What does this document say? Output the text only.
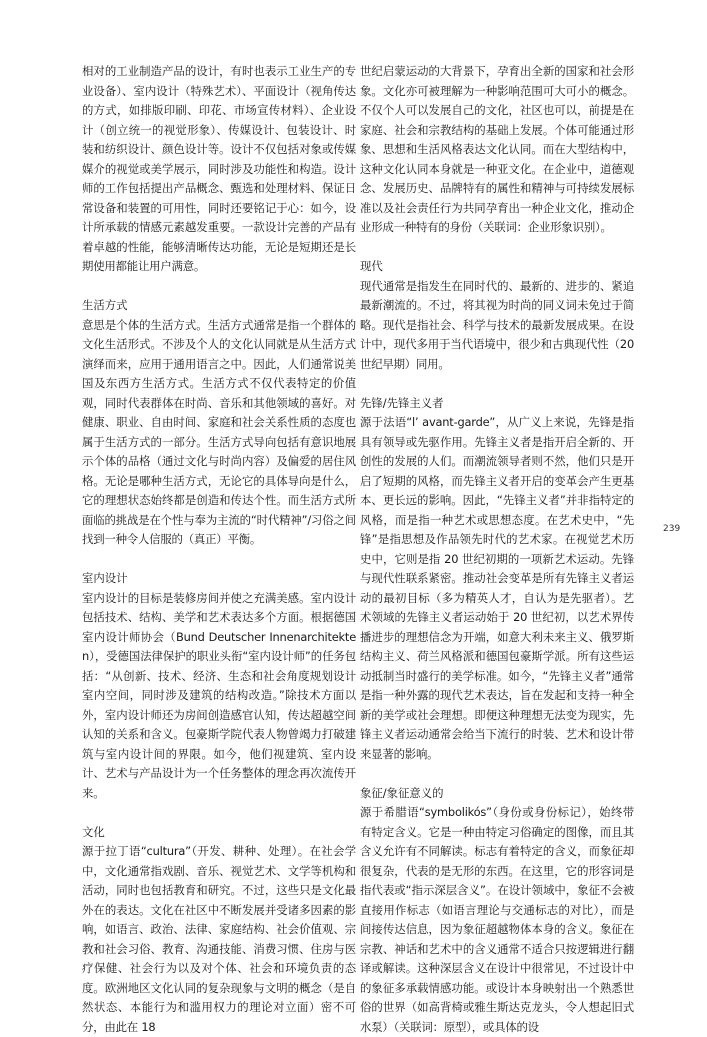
相对的工业制造产品的设计，有时也表示工业生产的专业设备）、室内设计（特殊艺术）、平面设计（视角传达的方式，如排版印刷、印花、市场宣传材料）、企业设计（创立统一的视觉形象）、传媒设计、包装设计、时装和纺织设计、颜色设计等。设计不仅包括对象或传媒媒介的视觉或美学展示，同时涉及功能性和构造。设计师的工作包括提出产品概念、甄选和处理材料、保证日常设备和装置的可用性，同时还要铭记于心：如今，设计所承载的情感元素越发重要。一款设计完善的产品有着卓越的性能，能够清晰传达功能，无论是短期还是长期使用都能让用户满意。

生活方式

意思是个体的生活方式。生活方式通常是指一个群体的文化生活形式。不涉及个人的文化认同就是从生活方式演绎而来，应用于通用语言之中。因此，人们通常说美国及东西方生活方式。生活方式不仅代表特定的价值观，同时代表群体在时尚、音乐和其他领域的喜好。对健康、职业、自由时间、家庭和社会关系性质的态度也属于生活方式的一部分。生活方式导向包括有意识地展示个体的品格（通过文化与时尚内容）及偏爱的居住风格。无论是哪种生活方式，无论它的具体导向是什么，它的理想状态始终都是创造和传达个性。而生活方式所面临的挑战是在个性与奉为主流的“时代精神”/习俗之间找到一种令人信服的（真正）平衡。

室内设计

室内设计的目标是装修房间并使之充满美感。室内设计包括技术、结构、美学和艺术表达多个方面。根据德国室内设计师协会（Bund Deutscher Innenarchitekten），受德国法律保护的职业头衔“室内设计师”的任务包括：“从创新、技术、经济、生态和社会角度规划设计室内空间，同时涉及建筑的结构改造。”除技术方面以外，室内设计师还为房间创造感官认知，传达超越空间认知的关系和含义。包豪斯学院代表人物曾竭力打破建筑与室内设计间的界限。如今，他们视建筑、室内设计、艺术与产品设计为一个任务整体的理念再次流传开来。

文化

源于拉丁语“cultura”（开发、耕种、处理）。在社会学中，文化通常指戏剧、音乐、视觉艺术、文学等机构和活动，同时也包括教育和研究。不过，这些只是文化最外在的表达。文化在社区中不断发展并受诸多因素的影响，如语言、政治、法律、家庭结构、社会价值观、宗教和社会习俗、教育、沟通技能、消费习惯、住房与医疗保健、社会行为以及对个体、社会和环境负责的态度。欧洲地区文化认同的复杂现象与文明的概念（是自然状态、本能行为和滥用权力的理论对立面）密不可分，由此在 18

世纪启蒙运动的大背景下，孕育出全新的国家和社会形象。文化亦可被理解为一种影响范围可大可小的概念。不仅个人可以发展自己的文化，社区也可以，前提是在家庭、社会和宗教结构的基础上发展。个体可能通过形象、思想和生活风格表达文化认同。而在大型结构中，这种文化认同本身就是一种亚文化。在企业中，道德观念、发展历史、品牌特有的属性和精神与可持续发展标准以及社会责任行为共同孕育出一种企业文化，推动企业形成一种特有的身份（关联词：企业形象识别）。

现代

现代通常是指发生在同时代的、最新的、进步的、紧追最新潮流的。不过，将其视为时尚的同义词未免过于简略。现代是指社会、科学与技术的最新发展成果。在设计中，现代多用于当代语境中，很少和古典现代性（20 世纪早期）同用。

先锋/先锋主义者

源于法语“l’ avant-garde”，从广义上来说，先锋是指具有领导或先驱作用。先锋主义者是指开启全新的、开创性的发展的人们。而潮流领导者则不然，他们只是开启了短期的风格，而先锋主义者开启的变革会产生更基本、更长远的影响。因此，“先锋主义者”并非指特定的风格，而是指一种艺术或思想态度。在艺术史中，“先锋”是指思想及作品领先时代的艺术家。在视觉艺术历史中，它则是指 20 世纪初期的一项新艺术运动。先锋与现代性联系紧密。推动社会变革是所有先锋主义者运动的最初目标（多为精英人才，自认为是先驱者）。艺术领域的先锋主义者运动始于 20 世纪初，以艺术界传播进步的理想信念为开端，如意大利未来主义、俄罗斯结构主义、荷兰风格派和德国包豪斯学派。所有这些运动抵制当时盛行的美学标准。如今，“先锋主义者”通常是指一种外露的现代艺术表达，旨在发起和支持一种全新的美学或社会理想。即便这种理想无法变为现实，先锋主义者运动通常会给当下流行的时装、艺术和设计带来显著的影响。

象征/象征意义的

源于希腊语“symbolikós”（身份或身份标记），始终带有特定含义。它是一种由特定习俗确定的图像，而且其含义允许有不同解读。标志有着特定的含义，而象征却很复杂，代表的是无形的东西。在这里，它的形容词是指代表或“指示深层含义”。在设计领域中，象征不会被直接用作标志（如语言理论与交通标志的对比），而是间接传达信息，因为象征超越物体本身的含义。象征在宗教、神话和艺术中的含义通常不适合只按逻辑进行翻译或解读。这种深层含义在设计中很常见，不过设计中的象征多承载情感功能。或设计本身映射出一个熟悉世俗的世界（如高背椅或雅生斯达克龙头，令人想起旧式水泵）（关联词：原型），或具体的设

239
